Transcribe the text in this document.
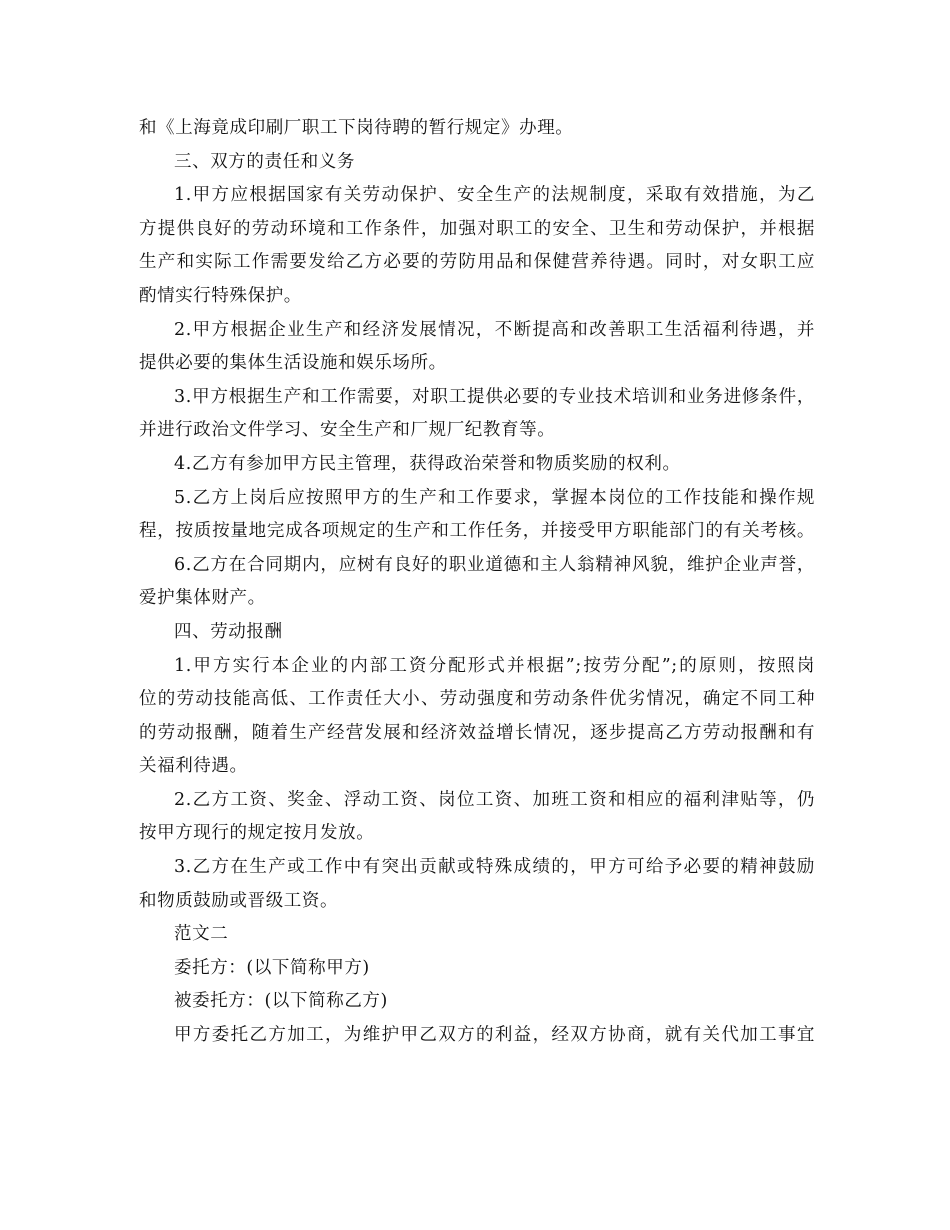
和《上海竟成印刷厂职工下岗待聘的暂行规定》办理。
三、双方的责任和义务
1.甲方应根据国家有关劳动保护、安全生产的法规制度，采取有效措施，为乙
方提供良好的劳动环境和工作条件，加强对职工的安全、卫生和劳动保护，并根据
生产和实际工作需要发给乙方必要的劳防用品和保健营养待遇。同时，对女职工应
酌情实行特殊保护。
2.甲方根据企业生产和经济发展情况，不断提高和改善职工生活福利待遇，并
提供必要的集体生活设施和娱乐场所。
3.甲方根据生产和工作需要，对职工提供必要的专业技术培训和业务进修条件，
并进行政治文件学习、安全生产和厂规厂纪教育等。
4.乙方有参加甲方民主管理，获得政治荣誉和物质奖励的权利。
5.乙方上岗后应按照甲方的生产和工作要求，掌握本岗位的工作技能和操作规
程，按质按量地完成各项规定的生产和工作任务，并接受甲方职能部门的有关考核。
6.乙方在合同期内，应树有良好的职业道德和主人翁精神风貌，维护企业声誉，
爱护集体财产。
四、劳动报酬
1.甲方实行本企业的内部工资分配形式并根据”;按劳分配”;的原则，按照岗
位的劳动技能高低、工作责任大小、劳动强度和劳动条件优劣情况，确定不同工种
的劳动报酬，随着生产经营发展和经济效益增长情况，逐步提高乙方劳动报酬和有
关福利待遇。
2.乙方工资、奖金、浮动工资、岗位工资、加班工资和相应的福利津贴等，仍
按甲方现行的规定按月发放。
3.乙方在生产或工作中有突出贡献或特殊成绩的，甲方可给予必要的精神鼓励
和物质鼓励或晋级工资。
范文二
委托方：(以下简称甲方)
被委托方：(以下简称乙方)
甲方委托乙方加工，为维护甲乙双方的利益，经双方协商，就有关代加工事宜
